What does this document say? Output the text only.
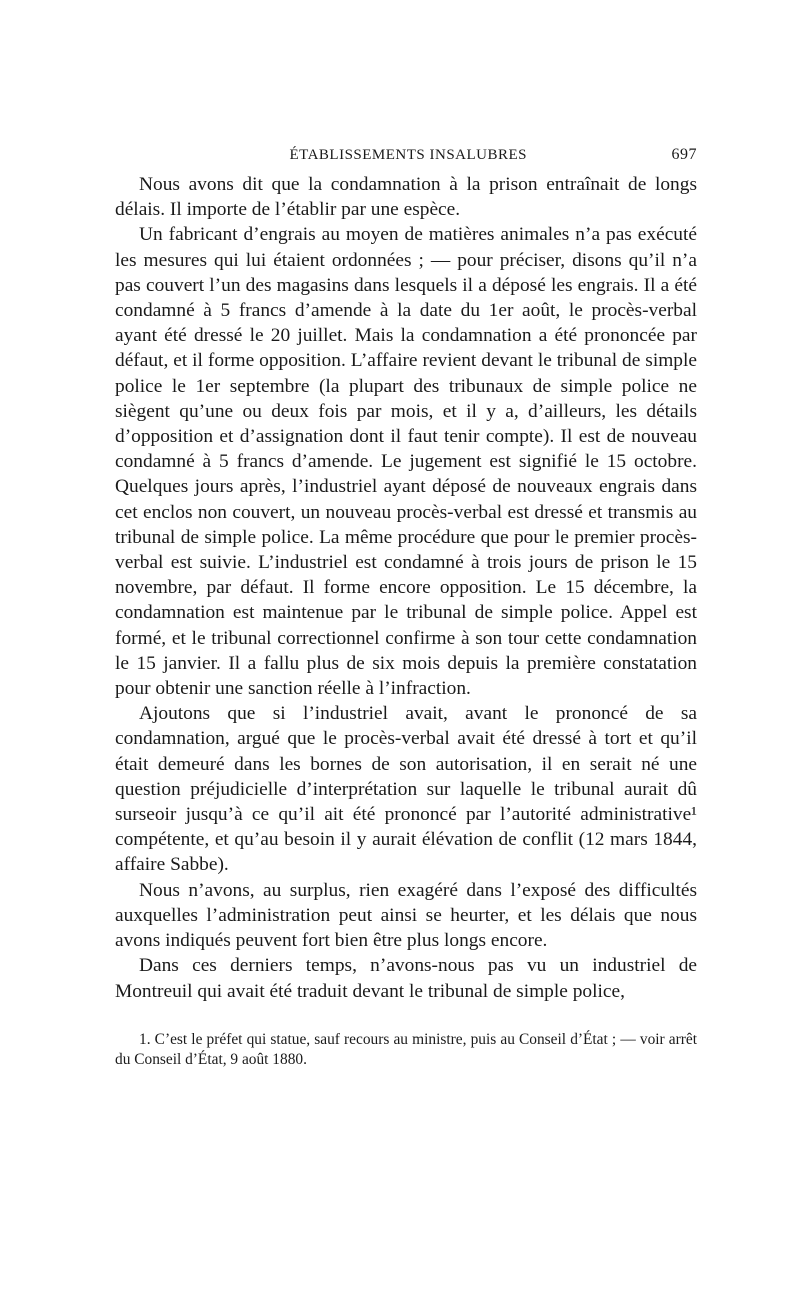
ÉTABLISSEMENTS INSALUBRES	697

Nous avons dit que la condamnation à la prison entraînait de longs délais. Il importe de l’établir par une espèce.

Un fabricant d’engrais au moyen de matières animales n’a pas exécuté les mesures qui lui étaient ordonnées ; — pour préciser, disons qu’il n’a pas couvert l’un des magasins dans lesquels il a déposé les engrais. Il a été condamné à 5 francs d’amende à la date du 1er août, le procès-verbal ayant été dressé le 20 juillet. Mais la condamnation a été prononcée par défaut, et il forme opposition. L’affaire revient devant le tribunal de simple police le 1er septembre (la plupart des tribunaux de simple police ne siègent qu’une ou deux fois par mois, et il y a, d’ailleurs, les détails d’opposition et d’assignation dont il faut tenir compte). Il est de nouveau condamné à 5 francs d’amende. Le jugement est signifié le 15 octobre. Quelques jours après, l’industriel ayant déposé de nouveaux engrais dans cet enclos non couvert, un nouveau procès-verbal est dressé et transmis au tribunal de simple police. La même procédure que pour le premier procès-verbal est suivie. L’industriel est condamné à trois jours de prison le 15 novembre, par défaut. Il forme encore opposition. Le 15 décembre, la condamnation est maintenue par le tribunal de simple police. Appel est formé, et le tribunal correctionnel confirme à son tour cette condamnation le 15 janvier. Il a fallu plus de six mois depuis la première constatation pour obtenir une sanction réelle à l’infraction.

Ajoutons que si l’industriel avait, avant le prononcé de sa condamnation, argué que le procès-verbal avait été dressé à tort et qu’il était demeuré dans les bornes de son autorisation, il en serait né une question préjudicielle d’interprétation sur laquelle le tribunal aurait dû surseoir jusqu’à ce qu’il ait été prononcé par l’autorité administrative¹ compétente, et qu’au besoin il y aurait élévation de conflit (12 mars 1844, affaire Sabbe).

Nous n’avons, au surplus, rien exagéré dans l’exposé des difficultés auxquelles l’administration peut ainsi se heurter, et les délais que nous avons indiqués peuvent fort bien être plus longs encore.

Dans ces derniers temps, n’avons-nous pas vu un industriel de Montreuil qui avait été traduit devant le tribunal de simple police,

1. C’est le préfet qui statue, sauf recours au ministre, puis au Conseil d’État ; — voir arrêt du Conseil d’État, 9 août 1880.
